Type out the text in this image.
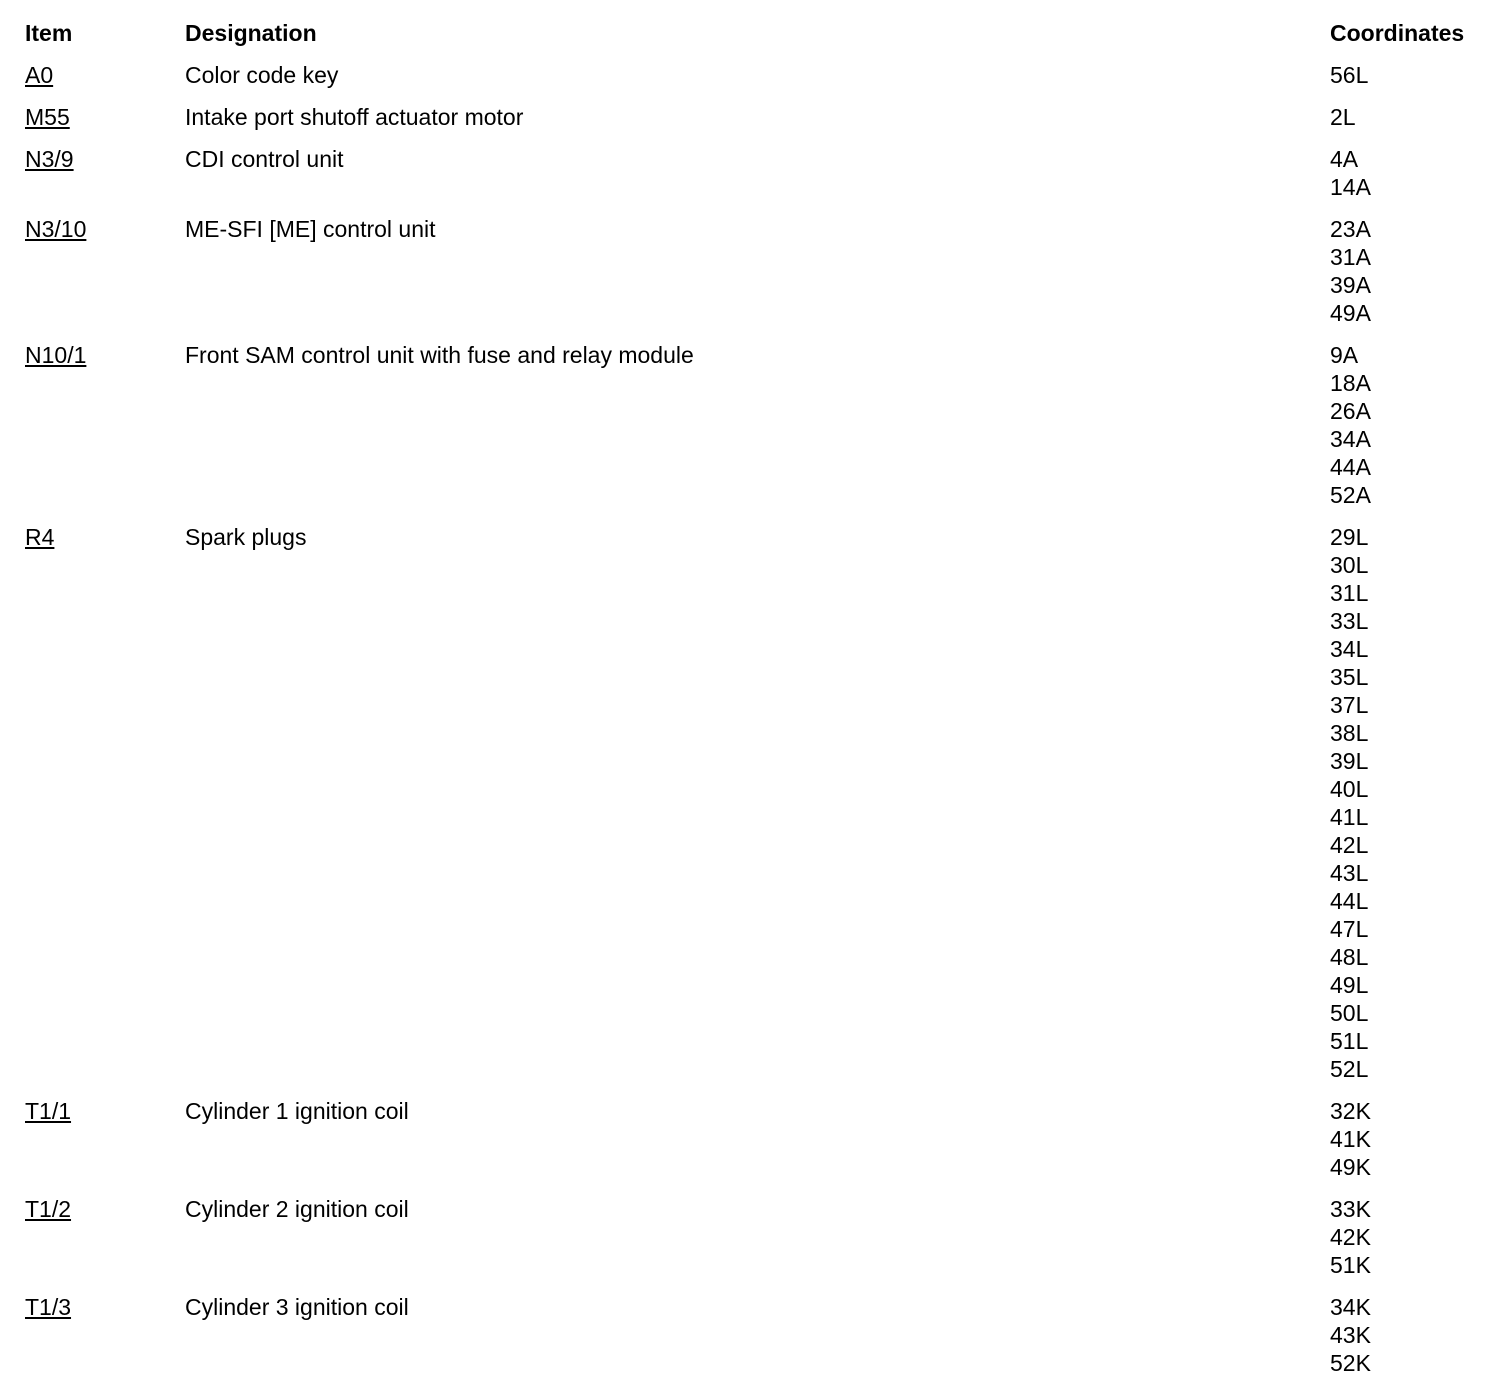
Item	Designation	Coordinates
A0	Color code key	56L
M55	Intake port shutoff actuator motor	2L
N3/9	CDI control unit	4A
14A
N3/10	ME-SFI [ME] control unit	23A
31A
39A
49A
N10/1	Front SAM control unit with fuse and relay module	9A
18A
26A
34A
44A
52A
R4	Spark plugs	29L
30L
31L
33L
34L
35L
37L
38L
39L
40L
41L
42L
43L
44L
47L
48L
49L
50L
51L
52L
T1/1	Cylinder 1 ignition coil	32K
41K
49K
T1/2	Cylinder 2 ignition coil	33K
42K
51K
T1/3	Cylinder 3 ignition coil	34K
43K
52K
